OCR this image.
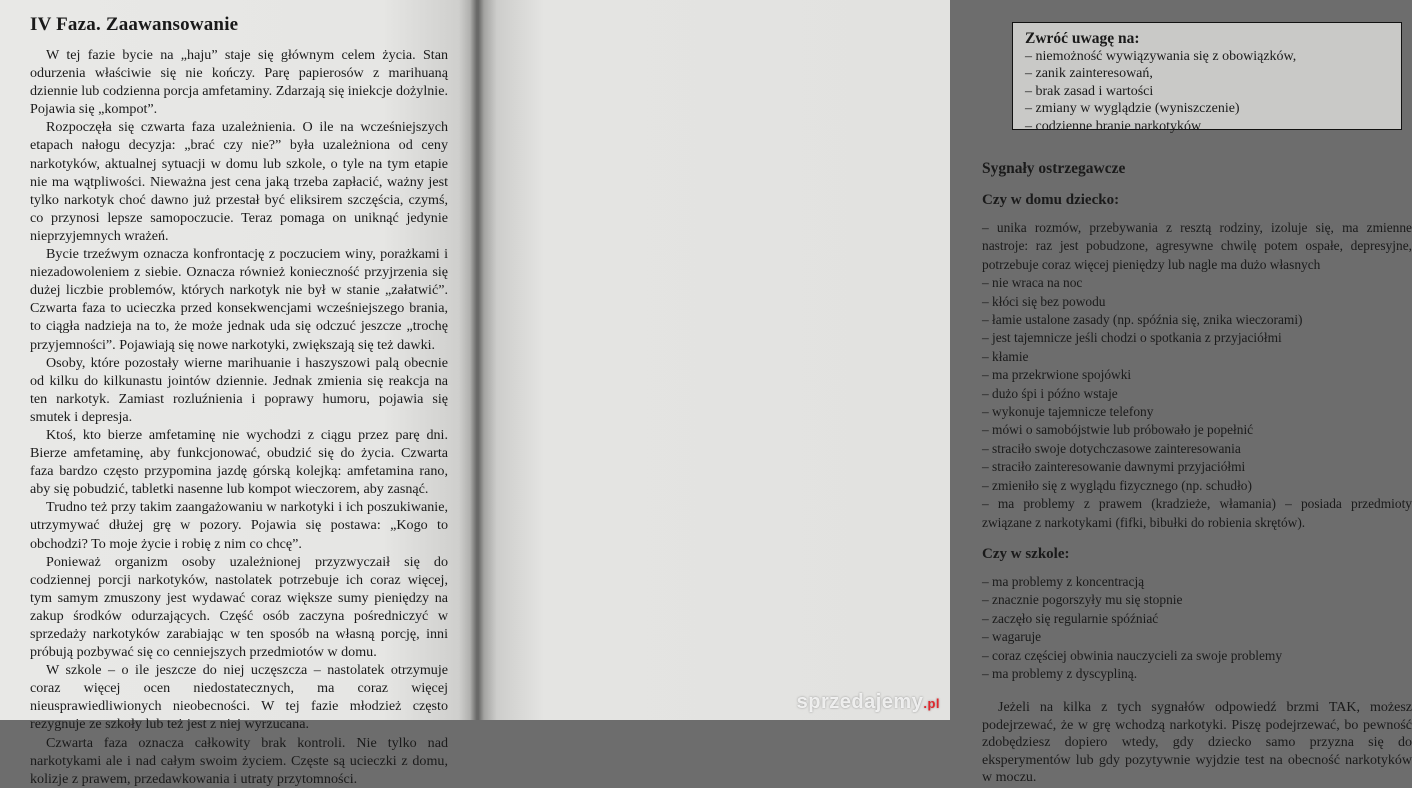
IV Faza. Zaawansowanie

W tej fazie bycie na „haju” staje się głównym celem życia. Stan odurzenia właściwie się nie kończy. Parę papierosów z marihuaną dziennie lub codzienna porcja amfetaminy. Zdarzają się iniekcje dożylnie. Pojawia się „kompot”.

Rozpoczęła się czwarta faza uzależnienia. O ile na wcześniejszych etapach nałogu decyzja: „brać czy nie?” była uzależniona od ceny narkotyków, aktualnej sytuacji w domu lub szkole, o tyle na tym etapie nie ma wątpliwości. Nieważna jest cena jaką trzeba zapłacić, ważny jest tylko narkotyk choć dawno już przestał być eliksirem szczęścia, czymś, co przynosi lepsze samopoczucie. Teraz pomaga on uniknąć jedynie nieprzyjemnych wrażeń.

Bycie trzeźwym oznacza konfrontację z poczuciem winy, porażkami i niezadowoleniem z siebie. Oznacza również konieczność przyjrzenia się dużej liczbie problemów, których narkotyk nie był w stanie „załatwić”. Czwarta faza to ucieczka przed konsekwencjami wcześniejszego brania, to ciągła nadzieja na to, że może jednak uda się odczuć jeszcze „trochę przyjemności”. Pojawiają się nowe narkotyki, zwiększają się też dawki.

Osoby, które pozostały wierne marihuanie i haszyszowi palą obecnie od kilku do kilkunastu jointów dziennie. Jednak zmienia się reakcja na ten narkotyk. Zamiast rozluźnienia i poprawy humoru, pojawia się smutek i depresja.

Ktoś, kto bierze amfetaminę nie wychodzi z ciągu przez parę dni. Bierze amfetaminę, aby funkcjonować, obudzić się do życia. Czwarta faza bardzo często przypomina jazdę górską kolejką: amfetamina rano, aby się pobudzić, tabletki nasenne lub kompot wieczorem, aby zasnąć.

Trudno też przy takim zaangażowaniu w narkotyki i ich poszukiwanie, utrzymywać dłużej grę w pozory. Pojawia się postawa: „Kogo to obchodzi? To moje życie i robię z nim co chcę”.

Ponieważ organizm osoby uzależnionej przyzwyczaił się do codziennej porcji narkotyków, nastolatek potrzebuje ich coraz więcej, tym samym zmuszony jest wydawać coraz większe sumy pieniędzy na zakup środków odurzających. Część osób zaczyna pośredniczyć w sprzedaży narkotyków zarabiając w ten sposób na własną porcję, inni próbują pozbywać się co cenniejszych przedmiotów w domu.

W szkole – o ile jeszcze do niej uczęszcza – nastolatek otrzymuje coraz więcej ocen niedostatecznych, ma coraz więcej nieusprawiedliwionych nieobecności. W tej fazie młodzież często rezygnuje ze szkoły lub też jest z niej wyrzucana.

Czwarta faza oznacza całkowity brak kontroli. Nie tylko nad narkotykami ale i nad całym swoim życiem. Częste są ucieczki z domu, kolizje z prawem, przedawkowania i utraty przytomności.

Zwróć uwagę na:

– niemożność wywiązywania się z obowiązków,

– zanik zainteresowań,

– brak zasad i wartości

– zmiany w wyglądzie (wyniszczenie)

– codzienne branie narkotyków

Sygnały ostrzegawcze
Czy w domu dziecko:

– unika rozmów, przebywania z resztą rodziny, izoluje się, ma zmienne nastroje: raz jest pobudzone, agresywne chwilę potem ospałe, depresyjne, potrzebuje coraz więcej pieniędzy lub nagle ma dużo własnych

– nie wraca na noc

– kłóci się bez powodu

– łamie ustalone zasady (np. spóźnia się, znika wieczorami)

– jest tajemnicze jeśli chodzi o spotkania z przyjaciółmi

– kłamie

– ma przekrwione spojówki

– dużo śpi i późno wstaje

– wykonuje tajemnicze telefony

– mówi o samobójstwie lub próbowało je popełnić

– straciło swoje dotychczasowe zainteresowania

– straciło zainteresowanie dawnymi przyjaciółmi

– zmieniło się z wyglądu fizycznego (np. schudło)

– ma problemy z prawem (kradzieże, włamania) – posiada przedmioty związane z narkotykami (fifki, bibułki do robienia skrętów).

Czy w szkole:

– ma problemy z koncentracją

– znacznie pogorszyły mu się stopnie

– zaczęło się regularnie spóźniać

– wagaruje

– coraz częściej obwinia nauczycieli za swoje problemy

– ma problemy z dyscypliną.

Jeżeli na kilka z tych sygnałów odpowiedź brzmi TAK, możesz podejrzewać, że w grę wchodzą narkotyki. Piszę podejrzewać, bo pewność zdobędziesz dopiero wtedy, gdy dziecko samo przyzna się do eksperymentów lub gdy pozytywnie wyjdzie test na obecność narkotyków w moczu.

sprzedajemy.pl
